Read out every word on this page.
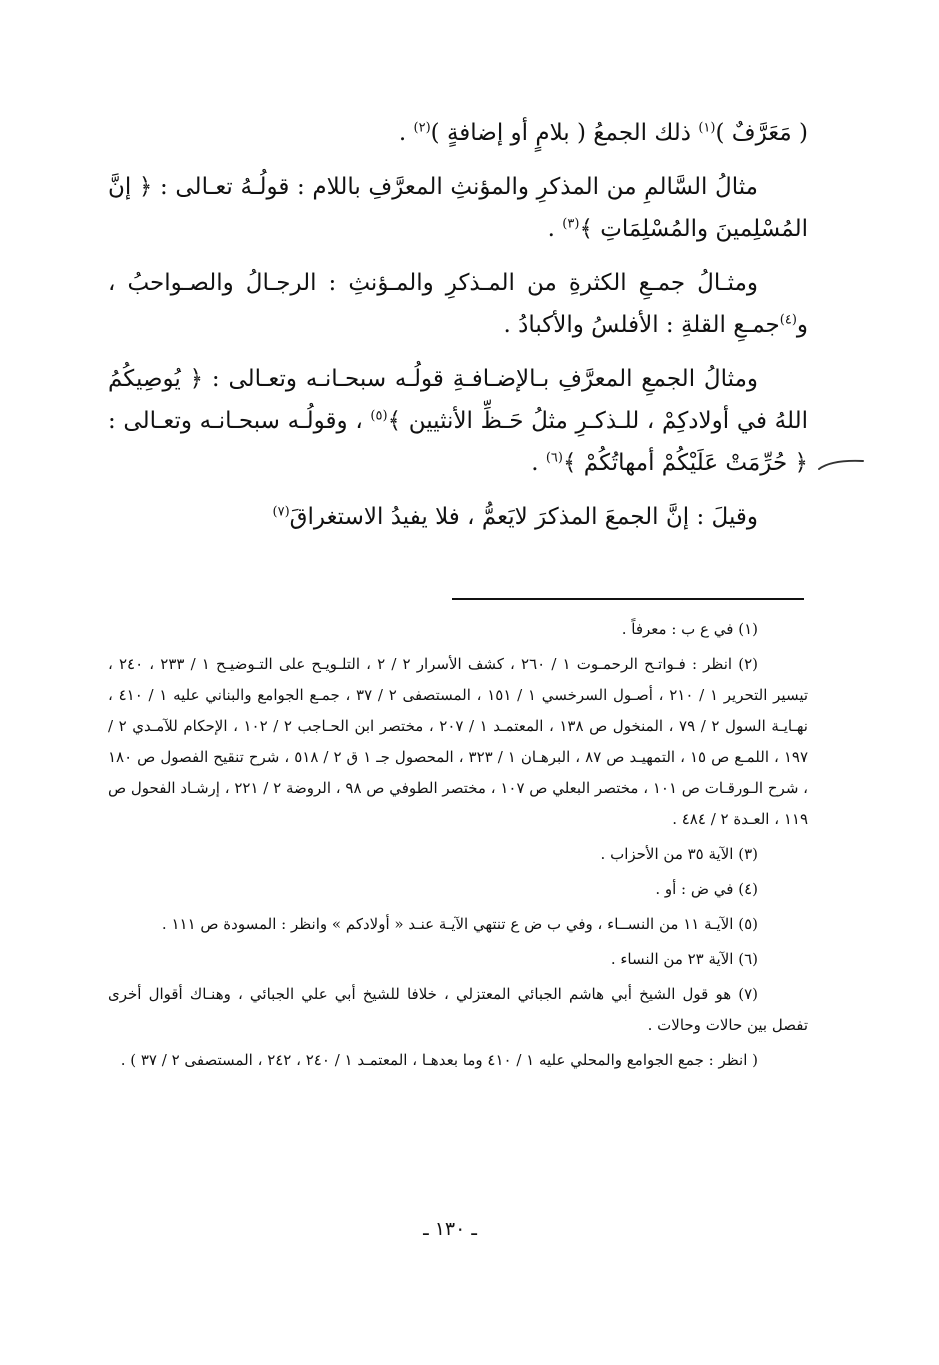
( مَعَرَّفٌ )$^{(١)}$ ذلك الجمعُ ( بلامٍ أو إضافةٍ )$^{(٢)}$ .

مثالُ السَّالمِ من المذكرِ والمؤنثِ المعرَّفِ باللام : قولُـهُ تعـالى : ﴿ إنَّ المُسْلِمينَ والمُسْلِمَاتِ ﴾$^{(٣)}$ .

ومثـالُ جمـعِ الكثرةِ من المـذكرِ والمـؤنثِ : الرجـالُ والصـواحبُ ، و$^{(٤)}$جمـعِ القلةِ : الأفلسُ والأكبادُ .

ومثالُ الجمعِ المعرَّفِ بـالإضـافـةِ قولُـه سبحـانـه وتعـالى : ﴿ يُوصِيكُمُ اللهُ في أولادكِمْ ، للـذكـرِ مثلُ حَـظِّ الأنثيين ﴾$^{(٥)}$ ، وقولُـه سبحـانـه وتعـالى : ﴿ حُرِّمَتْ عَلَيْكُمْ أمهاتُكُمْ ﴾$^{(٦)}$ .

وقيلَ : إنَّ الجمعَ المذكرَ لايَعمُّ ، فلا يفيدُ الاستغراقَ$^{(٧)}$

(١) في ع ب : معرفاً .

(٢) انظر : فـواتـح الرحمـوت ١ / ٢٦٠ ، كشف الأسرار ٢ / ٢ ، التلـويـح على التـوضيـح ١ / ٢٣٣ ، ٢٤٠ ، تيسير التحرير ١ / ٢١٠ ، أصـول السرخسي ١ / ١٥١ ، المستصفى ٢ / ٣٧ ، جمـع الجوامع والبناني عليه ١ / ٤١٠ ، نهـايـة السول ٢ / ٧٩ ، المنخول ص ١٣٨ ، المعتمـد ١ / ٢٠٧ ، مختصر ابن الحـاجب ٢ / ١٠٢ ، الإحكام للآمـدي ٢ / ١٩٧ ، اللمـع ص ١٥ ، التمهيـد ص ٨٧ ، البرهـان ١ / ٣٢٣ ، المحصول جـ ١ ق ٢ / ٥١٨ ، شرح تنقيح الفصول ص ١٨٠ ، شرح الـورقـات ص ١٠١ ، مختصر البعلي ص ١٠٧ ، مختصر الطوفي ص ٩٨ ، الروضة ٢ / ٢٢١ ، إرشـاد الفحول ص ١١٩ ، العـدة ٢ / ٤٨٤ .

(٣) الآية ٣٥ من الأحزاب .

(٤) في ض : أو .

(٥) الآيـة ١١ من النســاء ، وفي ب ض ع تنتهي الآيـة عنـد « أولادكم » وانظر : المسودة ص ١١١ .

(٦) الآية ٢٣ من النساء .

(٧) هو قول الشيخ أبي هاشم الجبائي المعتزلي ، خلافا للشيخ أبي علي الجبائي ، وهنـاك أقوال أخرى تفصل بين حالات وحالات .

( انظر : جمع الجوامع والمحلي عليه ١ / ٤١٠ وما بعدهـا ، المعتمـد ١ / ٢٤٠ ، ٢٤٢ ، المستصفى ٢ / ٣٧ ) .

ـ ١٣٠ ـ
